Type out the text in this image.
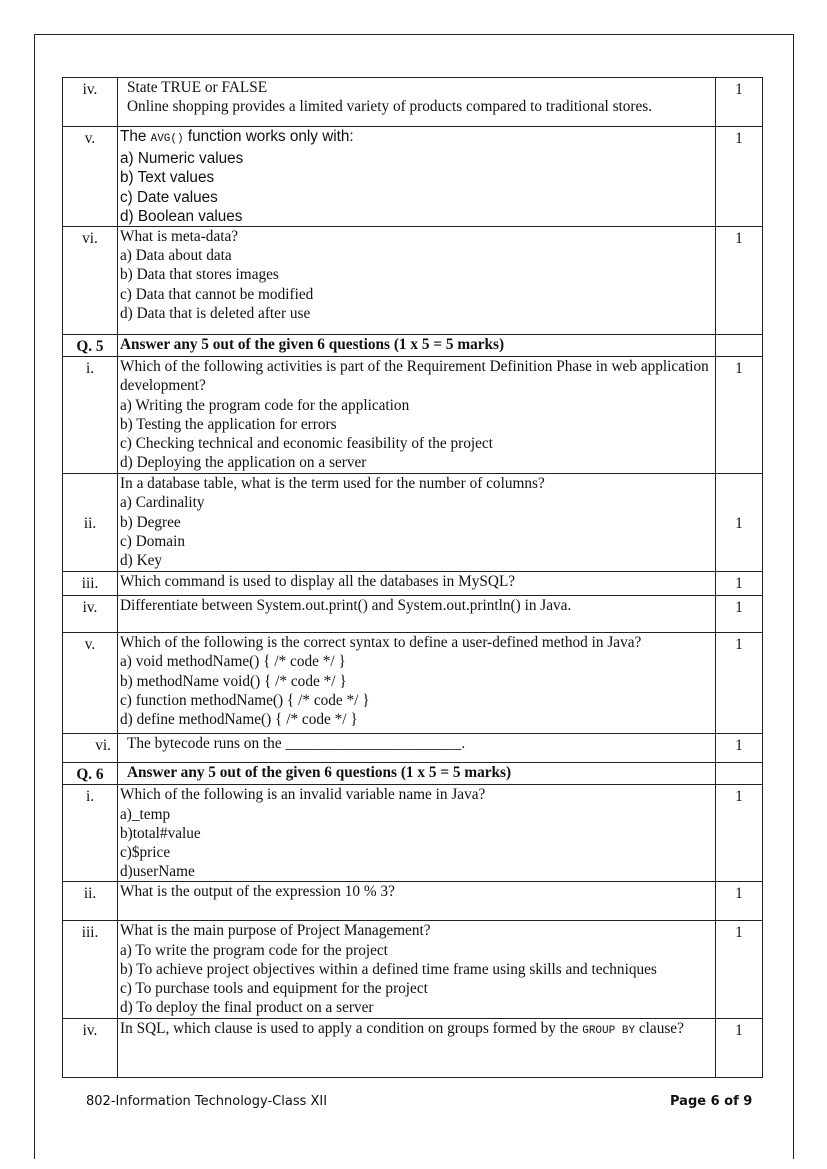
iv.	State TRUE or FALSE
Online shopping provides a limited variety of products compared to traditional stores.	1
v.	The AVG() function works only with:
a) Numeric values
b) Text values
c) Date values
d) Boolean values	1
vi.	What is meta-data?
a) Data about data
b) Data that stores images
c) Data that cannot be modified
d) Data that is deleted after use	1
Q. 5	Answer any 5 out of the given 6 questions (1 x 5 = 5 marks)	
i.	Which of the following activities is part of the Requirement Definition Phase in web application development?
a) Writing the program code for the application
b) Testing the application for errors
c) Checking technical and economic feasibility of the project
d) Deploying the application on a server	1
ii.	In a database table, what is the term used for the number of columns?
a) Cardinality
b) Degree
c) Domain
d) Key	1
iii.	Which command is used to display all the databases in MySQL?	1
iv.	Differentiate between System.out.print() and System.out.println() in Java.	1
v.	Which of the following is the correct syntax to define a user-defined method in Java?
a) void methodName() { /* code */ }
b) methodName void() { /* code */ }
c) function methodName() { /* code */ }
d) define methodName() { /* code */ }	1
vi.	The bytecode runs on the _______________________.	1
Q. 6	Answer any 5 out of the given 6 questions (1 x 5 = 5 marks)	
i.	Which of the following is an invalid variable name in Java?
a)_temp
b)total#value
c)$price
d)userName	1
ii.	What is the output of the expression 10 % 3?	1
iii.	What is the main purpose of Project Management?
a) To write the program code for the project
b) To achieve project objectives within a defined time frame using skills and techniques
c) To purchase tools and equipment for the project
d) To deploy the final product on a server	1
iv.	In SQL, which clause is used to apply a condition on groups formed by the GROUP BY clause?	1
802-Information Technology-Class XII	Page 6 of 9
